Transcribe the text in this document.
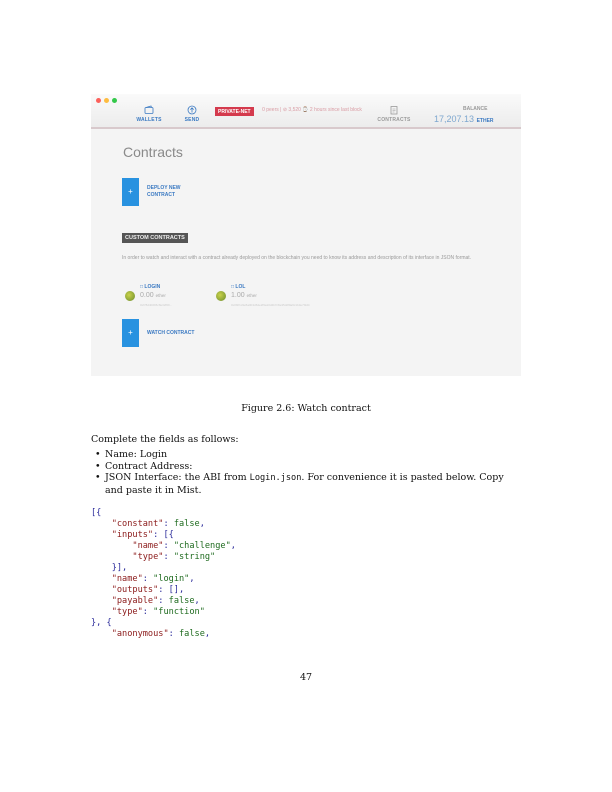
WALLETS	SEND
PRIVATE-NET	0 peers | ⊘ 3,520 ⌚ 2 hours since last block
CONTRACTS
BALANCE
17,207.13 ETHER
Contracts
+	DEPLOY NEW
CONTRACT
CUSTOM CONTRACTS
In order to watch and interact with a contract already deployed on the blockchain you need to know its address and description of its interface in JSON format.
□ LOGIN
0.00 ether
0xf78d4b6b5c8e32f09...
□ LOL
1.00 ether
0x0f2f1c9e5a0b3d64e2f9a10d4b7c8e35d2f9a6c1b3e7f2d4
+	WATCH CONTRACT
Figure 2.6: Watch contract
Complete the fields as follows:
• Name: Login
• Contract Address:
• JSON Interface: the ABI from Login.json. For convenience it is pasted below. Copy and paste it in Mist.
[{
"constant": false,
"inputs": [{
"name": "challenge",
"type": "string"
}],
"name": "login",
"outputs": [],
"payable": false,
"type": "function"
}, {
"anonymous": false,
47
